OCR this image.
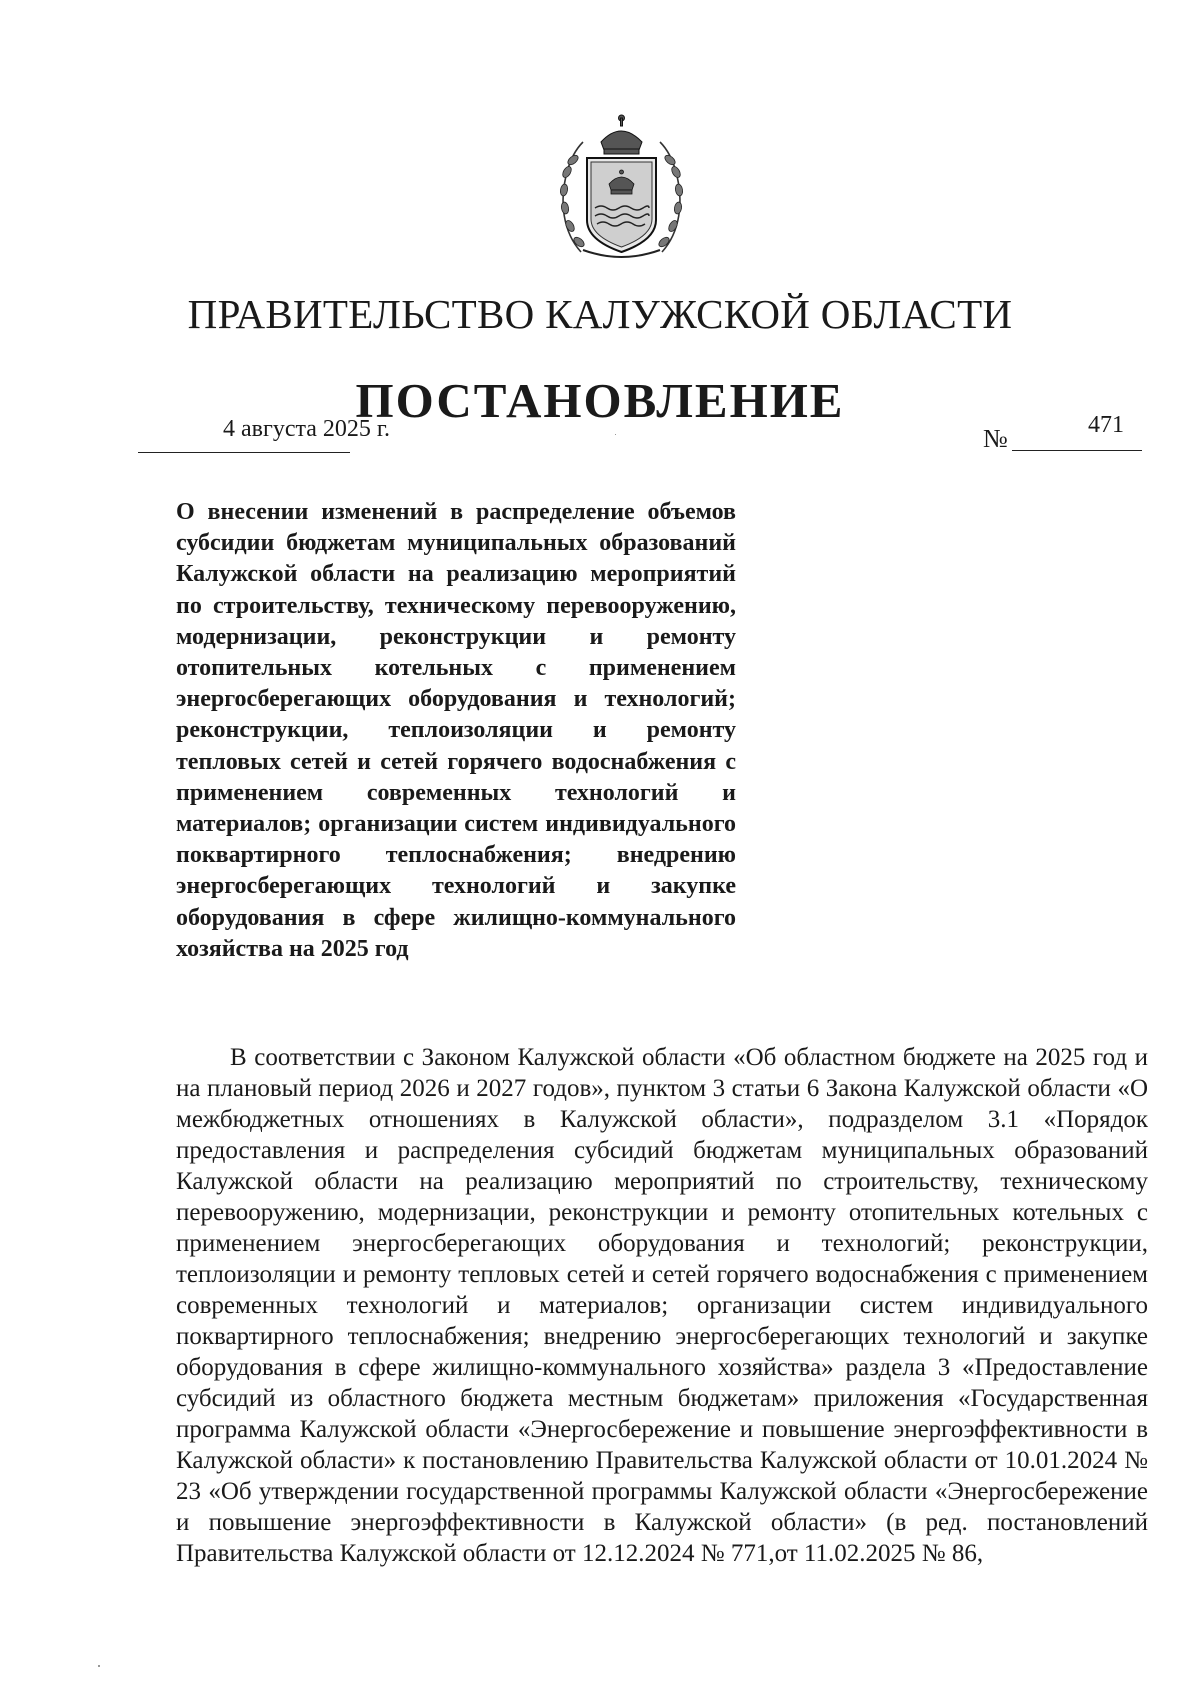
ПРАВИТЕЛЬСТВО КАЛУЖСКОЙ ОБЛАСТИ
ПОСТАНОВЛЕНИЕ
4 августа 2025 г.	№	471

О внесении изменений в распределение объемов субсидии бюджетам муниципальных образований Калужской области на реализацию мероприятий по строительству, техническому перевооружению, модернизации, реконструкции и ремонту отопительных котельных с применением энергосберегающих оборудования и технологий; реконструкции, теплоизоляции и ремонту тепловых сетей и сетей горячего водоснабжения с применением современных технологий и материалов; организации систем индивидуального поквартирного теплоснабжения; внедрению энергосберегающих технологий и закупке оборудования в сфере жилищно-коммунального хозяйства на 2025 год

В соответствии с Законом Калужской области «Об областном бюджете на 2025 год и на плановый период 2026 и 2027 годов», пунктом 3 статьи 6 Закона Калужской области «О межбюджетных отношениях в Калужской области», подразделом 3.1 «Порядок предоставления и распределения субсидий бюджетам муниципальных образований Калужской области на реализацию мероприятий по строительству, техническому перевооружению, модернизации, реконструкции и ремонту отопительных котельных с применением энергосберегающих оборудования и технологий; реконструкции, теплоизоляции и ремонту тепловых сетей и сетей горячего водоснабжения с применением современных технологий и материалов; организации систем индивидуального поквартирного теплоснабжения; внедрению энергосберегающих технологий и закупке оборудования в сфере жилищно-коммунального хозяйства» раздела 3 «Предоставление субсидий из областного бюджета местным бюджетам» приложения «Государственная программа Калужской области «Энергосбережение и повышение энергоэффективности в Калужской области» к постановлению Правительства Калужской области от 10.01.2024 № 23 «Об утверждении государственной программы Калужской области «Энергосбережение и повышение энергоэффективности в Калужской области» (в ред. постановлений Правительства Калужской области от 12.12.2024 № 771,от 11.02.2025 № 86,
